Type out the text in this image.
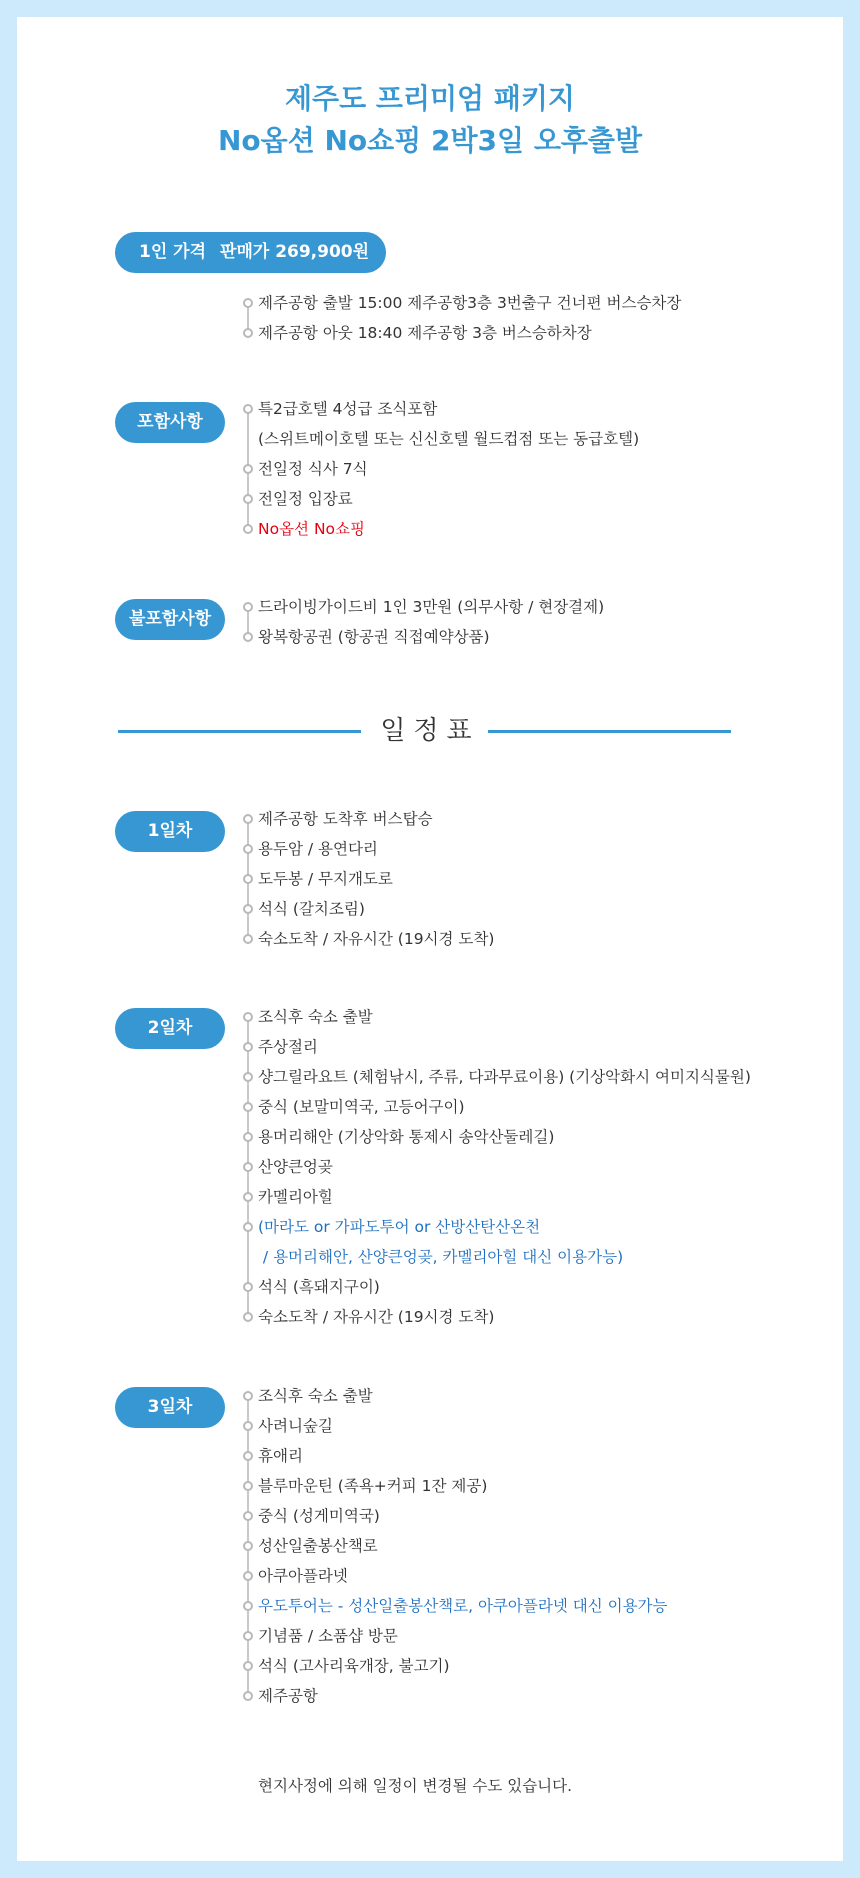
제주도 프리미엄 패키지
No옵션 No쇼핑 2박3일 오후출발
1인 가격 판매가 269,900원
제주공항 출발 15:00 제주공항3층 3번출구 건너편 버스승차장
제주공항 아웃 18:40 제주공항 3층 버스승하차장
포함사항
특2급호텔 4성급 조식포함
(스위트메이호텔 또는 신신호텔 월드컵점 또는 동급호텔)
전일정 식사 7식
전일정 입장료
No옵션 No쇼핑
불포함사항
드라이빙가이드비 1인 3만원 (의무사항 / 현장결제)
왕복항공권 (항공권 직접예약상품)
일정표
1일차
제주공항 도착후 버스탑승
용두암 / 용연다리
도두봉 / 무지개도로
석식 (갈치조림)
숙소도착 / 자유시간 (19시경 도착)
2일차
조식후 숙소 출발
주상절리
샹그릴라요트 (체험낚시, 주류, 다과무료이용) (기상악화시 여미지식물원)
중식 (보말미역국, 고등어구이)
용머리해안 (기상악화 통제시 송악산둘레길)
산양큰엉곶
카멜리아힐
(마라도 or 가파도투어 or 산방산탄산온천
/ 용머리해안, 산양큰엉곶, 카멜리아힐 대신 이용가능)
석식 (흑돼지구이)
숙소도착 / 자유시간 (19시경 도착)
3일차
조식후 숙소 출발
사려니숲길
휴애리
블루마운틴 (족욕+커피 1잔 제공)
중식 (성게미역국)
성산일출봉산책로
아쿠아플라넷
우도투어는 - 성산일출봉산책로, 아쿠아플라넷 대신 이용가능
기념품 / 소품샵 방문
석식 (고사리육개장, 불고기)
제주공항
현지사정에 의해 일정이 변경될 수도 있습니다.
